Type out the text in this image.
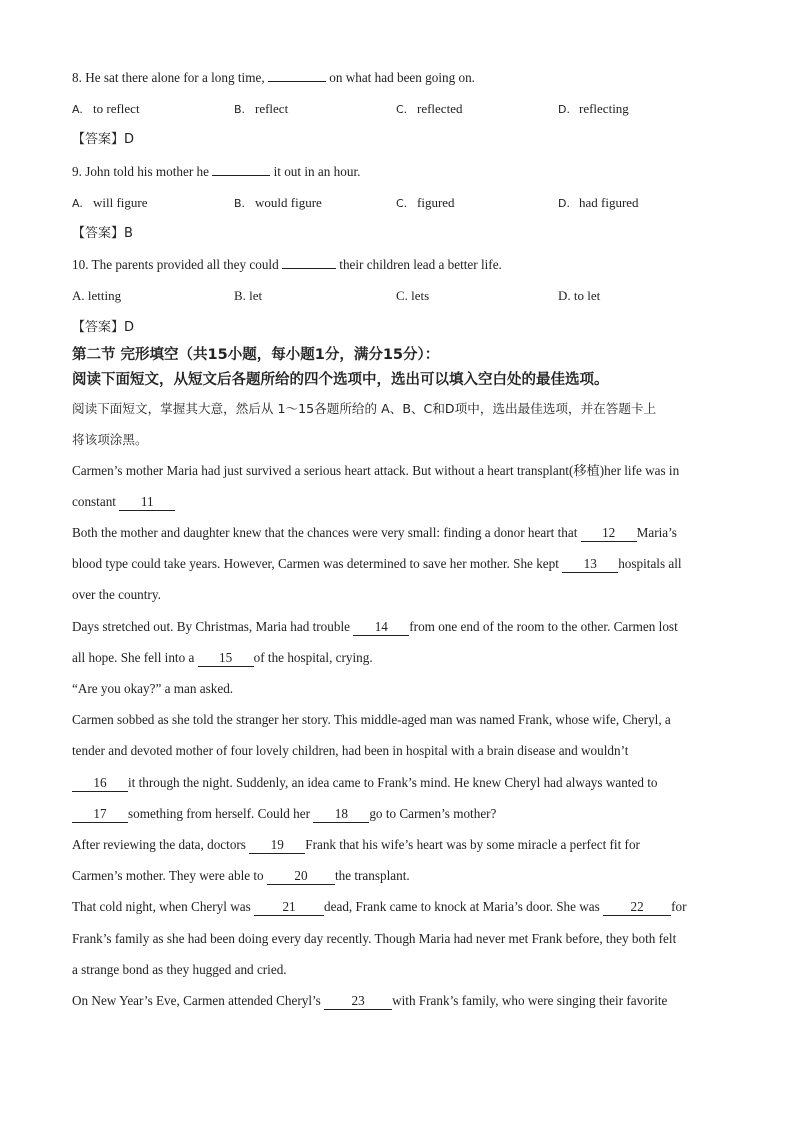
8. He sat there alone for a long time,	on what had been going on.
A. to reflect	B. reflect	C. reflected	D. reflecting
【答案】D
9. John told his mother he	it out in an hour.
A. will figure	B. would figure	C. figured	D. had figured
【答案】B
10. The parents provided all they could	their children lead a better life.
A. letting	B. let	C. lets	D. to let
【答案】D
第二节 完形填空（共15小题，每小题1分，满分15分）：
阅读下面短文，从短文后各题所给的四个选项中，选出可以填入空白处的最佳选项。
阅读下面短文，掌握其大意，然后从 1～15各题所给的 A、B、C和D项中，选出最佳选项，并在答题卡上
将该项涂黑。
Carmen’s mother Maria had just survived a serious heart attack. But without a heart transplant(移植)her life was in
constant 11
Both the mother and daughter knew that the chances were very small: finding a donor heart that 12 Maria’s
blood type could take years. However, Carmen was determined to save her mother. She kept 13 hospitals all
over the country.
Days stretched out. By Christmas, Maria had trouble 14 from one end of the room to the other. Carmen lost
all hope. She fell into a 15 of the hospital, crying.
“Are you okay?” a man asked.
Carmen sobbed as she told the stranger her story. This middle-aged man was named Frank, whose wife, Cheryl, a
tender and devoted mother of four lovely children, had been in hospital with a brain disease and wouldn’t
16 it through the night. Suddenly, an idea came to Frank’s mind. He knew Cheryl had always wanted to
17 something from herself. Could her 18 go to Carmen’s mother?
After reviewing the data, doctors 19 Frank that his wife’s heart was by some miracle a perfect fit for
Carmen’s mother. They were able to 20 the transplant.
That cold night, when Cheryl was 21 dead, Frank came to knock at Maria’s door. She was 22 for
Frank’s family as she had been doing every day recently. Though Maria had never met Frank before, they both felt
a strange bond as they hugged and cried.
On New Year’s Eve, Carmen attended Cheryl’s 23 with Frank’s family, who were singing their favorite
